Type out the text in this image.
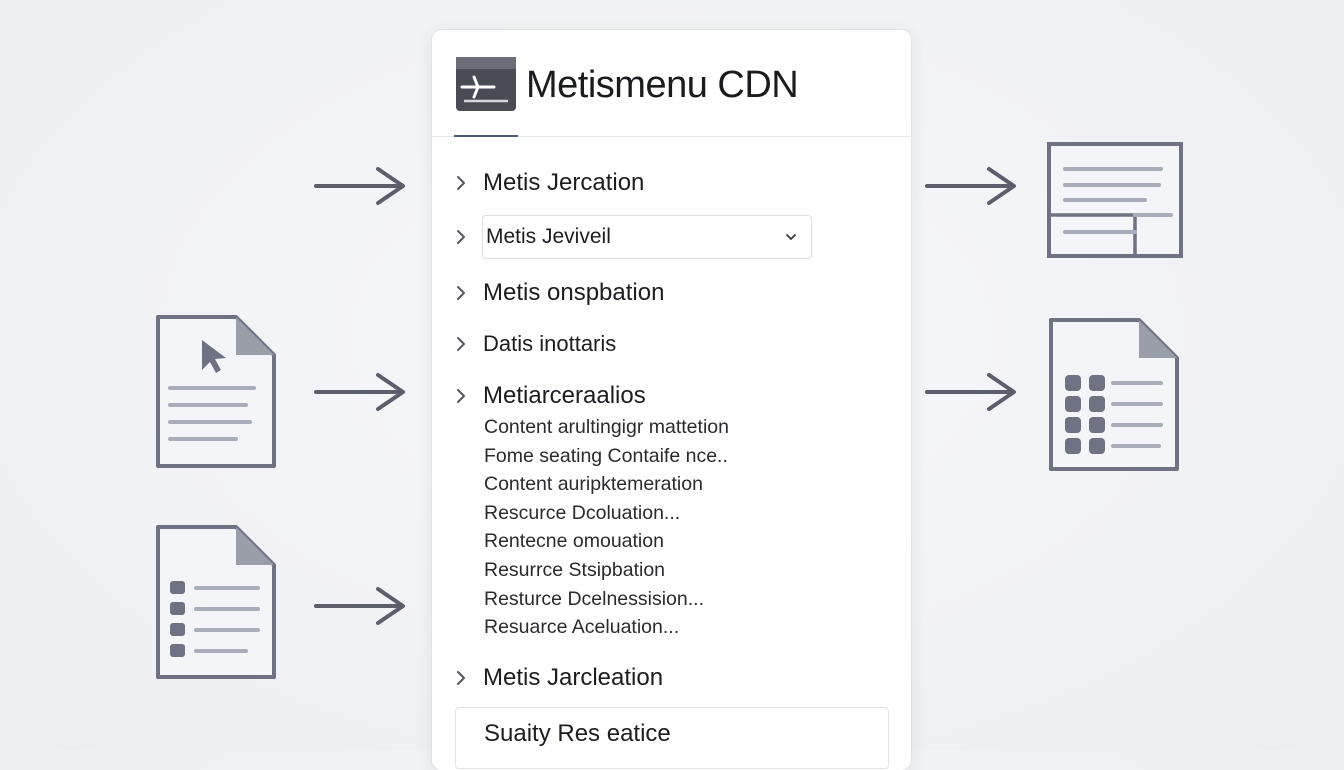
Metismenu CDN
Metis Jercation
Metis Jeviveil
Metis onspbation
Datis inottaris
Metiarceraalios
Content arultingigr mattetion
Fome seating Contaife nce..
Content auripktemeration
Rescurce Dcoluation...
Rentecne omouation
Resurrce Stsipbation
Resturce Dcelnessision...
Resuarce Aceluation...
Metis Jarcleation
Suaity Res eatice
